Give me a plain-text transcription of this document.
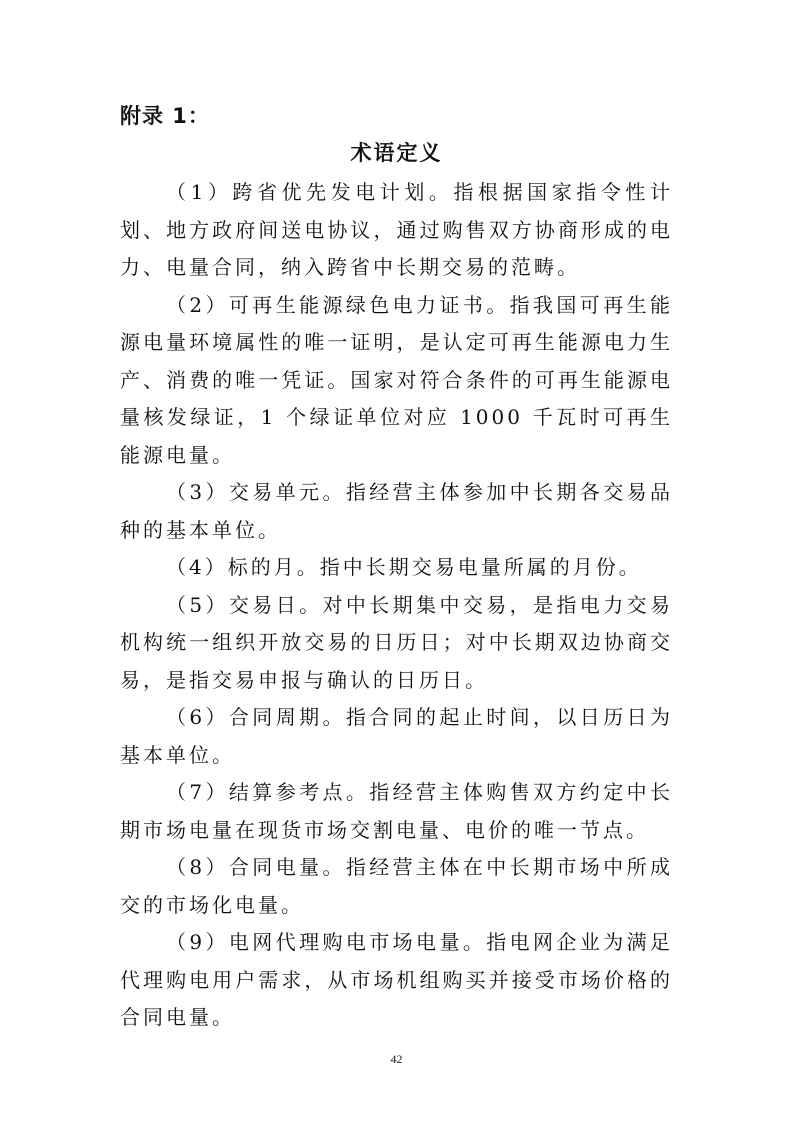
附录 1：
术语定义

（1）跨省优先发电计划。指根据国家指令性计划、地方政府间送电协议，通过购售双方协商形成的电力、电量合同，纳入跨省中长期交易的范畴。

（2）可再生能源绿色电力证书。指我国可再生能源电量环境属性的唯一证明，是认定可再生能源电力生产、消费的唯一凭证。国家对符合条件的可再生能源电量核发绿证，1 个绿证单位对应 1000 千瓦时可再生能源电量。

（3）交易单元。指经营主体参加中长期各交易品种的基本单位。

（4）标的月。指中长期交易电量所属的月份。

（5）交易日。对中长期集中交易，是指电力交易机构统一组织开放交易的日历日；对中长期双边协商交易，是指交易申报与确认的日历日。

（6）合同周期。指合同的起止时间，以日历日为基本单位。

（7）结算参考点。指经营主体购售双方约定中长期市场电量在现货市场交割电量、电价的唯一节点。

（8）合同电量。指经营主体在中长期市场中所成交的市场化电量。

（9）电网代理购电市场电量。指电网企业为满足代理购电用户需求，从市场机组购买并接受市场价格的合同电量。

42
